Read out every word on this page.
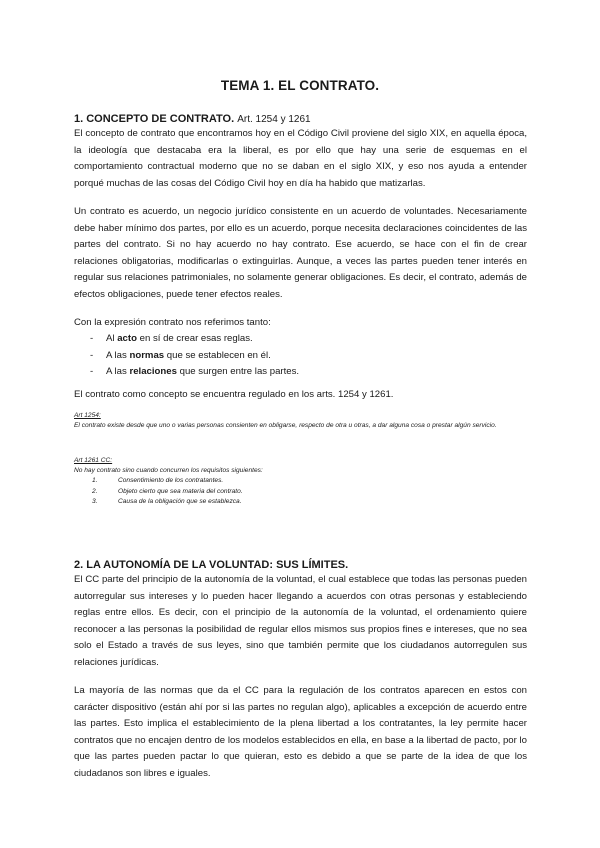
TEMA 1. EL CONTRATO.
1. CONCEPTO DE CONTRATO. Art. 1254 y 1261
El concepto de contrato que encontramos hoy en el Código Civil proviene del siglo XIX, en aquella época, la ideología que destacaba era la liberal, es por ello que hay una serie de esquemas en el comportamiento contractual moderno que no se daban en el siglo XIX, y eso nos ayuda a entender porqué muchas de las cosas del Código Civil hoy en día ha habido que matizarlas.
Un contrato es acuerdo, un negocio jurídico consistente en un acuerdo de voluntades. Necesariamente debe haber mínimo dos partes, por ello es un acuerdo, porque necesita declaraciones coincidentes de las partes del contrato. Si no hay acuerdo no hay contrato. Ese acuerdo, se hace con el fin de crear relaciones obligatorias, modificarlas o extinguirlas. Aunque, a veces las partes pueden tener interés en regular sus relaciones patrimoniales, no solamente generar obligaciones. Es decir, el contrato, además de efectos obligaciones, puede tener efectos reales.
Con la expresión contrato nos referimos tanto:
- Al acto en sí de crear esas reglas.
- A las normas que se establecen en él.
- A las relaciones que surgen entre las partes.
El contrato como concepto se encuentra regulado en los arts. 1254 y 1261.
Art 1254:
El contrato existe desde que uno o varias personas consienten en obligarse, respecto de otra u otras, a dar alguna cosa o prestar algún servicio.
Art 1261 CC:
No hay contrato sino cuando concurren los requisitos siguientes:
1.	Consentimiento de los contratantes.
2.	Objeto cierto que sea materia del contrato.
3.	Causa de la obligación que se establezca.
2. LA AUTONOMÍA DE LA VOLUNTAD: SUS LÍMITES.
El CC parte del principio de la autonomía de la voluntad, el cual establece que todas las personas pueden autorregular sus intereses y lo pueden hacer llegando a acuerdos con otras personas y estableciendo reglas entre ellos. Es decir, con el principio de la autonomía de la voluntad, el ordenamiento quiere reconocer a las personas la posibilidad de regular ellos mismos sus propios fines e intereses, que no sea solo el Estado a través de sus leyes, sino que también permite que los ciudadanos autorregulen sus relaciones jurídicas.
La mayoría de las normas que da el CC para la regulación de los contratos aparecen en estos con carácter dispositivo (están ahí por si las partes no regulan algo), aplicables a excepción de acuerdo entre las partes. Esto implica el establecimiento de la plena libertad a los contratantes, la ley permite hacer contratos que no encajen dentro de los modelos establecidos en ella, en base a la libertad de pacto, por lo que las partes pueden pactar lo que quieran, esto es debido a que se parte de la idea de que los ciudadanos son libres e iguales.
